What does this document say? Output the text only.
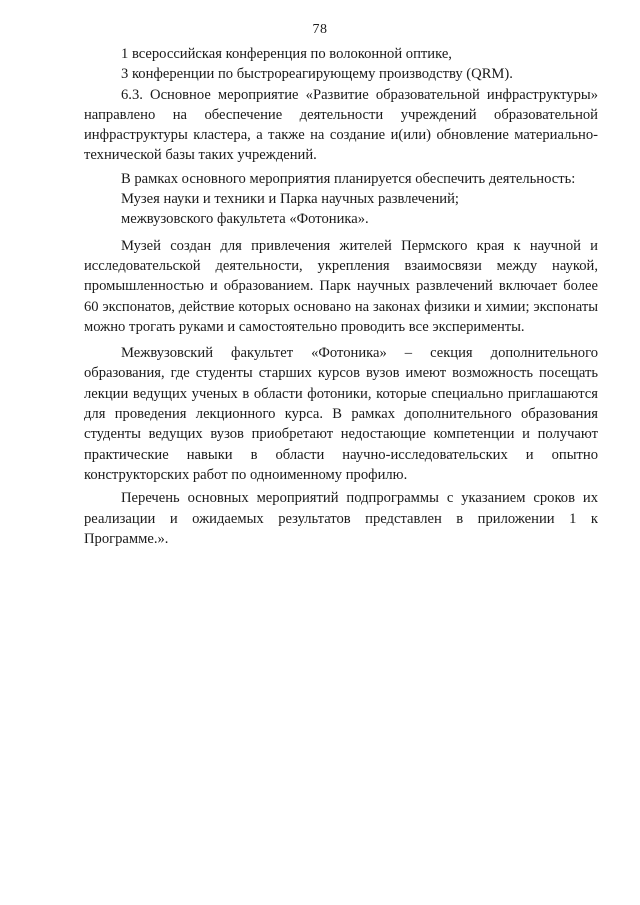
78

1 всероссийская конференция по волоконной оптике,

3 конференции по быстрореагирующему производству (QRM).

6.3. Основное мероприятие «Развитие образовательной инфраструктуры» направлено на обеспечение деятельности учреждений образовательной инфраструктуры кластера, а также на создание и(или) обновление материально-технической базы таких учреждений.

В рамках основного мероприятия планируется обеспечить деятельность:

Музея науки и техники и Парка научных развлечений;

межвузовского факультета «Фотоника».

Музей создан для привлечения жителей Пермского края к научной и исследовательской деятельности, укрепления взаимосвязи между наукой, промышленностью и образованием. Парк научных развлечений включает более 60 экспонатов, действие которых основано на законах физики и химии; экспонаты можно трогать руками и самостоятельно проводить все эксперименты.

Межвузовский факультет «Фотоника» – секция дополнительного образования, где студенты старших курсов вузов имеют возможность посещать лекции ведущих ученых в области фотоники, которые специально приглашаются для проведения лекционного курса. В рамках дополнительного образования студенты ведущих вузов приобретают недостающие компетенции и получают практические навыки в области научно-исследовательских и опытно конструкторских работ по одноименному профилю.

Перечень основных мероприятий подпрограммы с указанием сроков их реализации и ожидаемых результатов представлен в приложении 1 к Программе.».
